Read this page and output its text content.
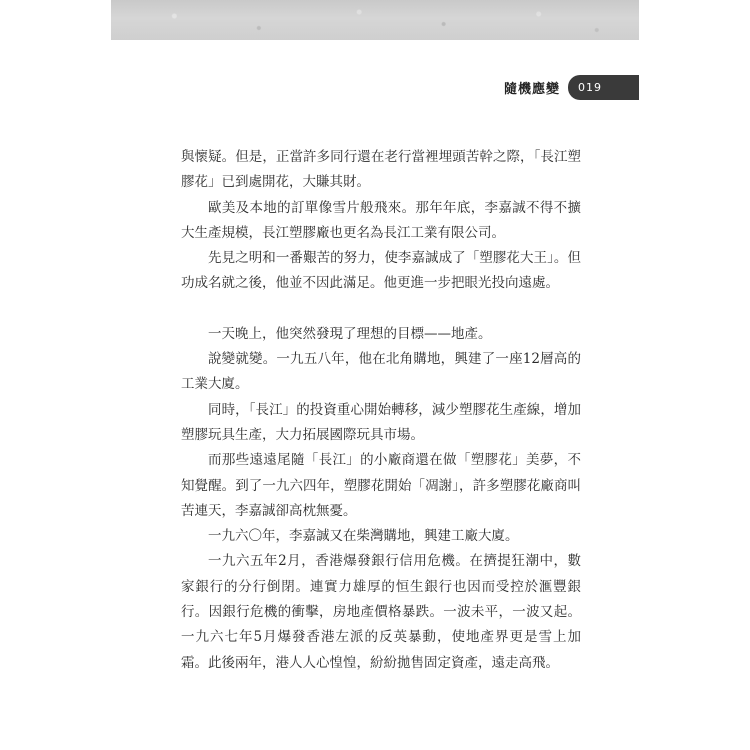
隨機應變 019

與懷疑。但是，正當許多同行還在老行當裡埋頭苦幹之際，「長江塑膠花」已到處開花，大賺其財。

歐美及本地的訂單像雪片般飛來。那年年底，李嘉誠不得不擴大生產規模，長江塑膠廠也更名為長江工業有限公司。

先見之明和一番艱苦的努力，使李嘉誠成了「塑膠花大王」。但功成名就之後，他並不因此滿足。他更進一步把眼光投向遠處。

一天晚上，他突然發現了理想的目標——地產。

說變就變。一九五八年，他在北角購地，興建了一座12層高的工業大廈。

同時，「長江」的投資重心開始轉移，減少塑膠花生產線，增加塑膠玩具生產，大力拓展國際玩具市場。

而那些遠遠尾隨「長江」的小廠商還在做「塑膠花」美夢，不知覺醒。到了一九六四年，塑膠花開始「凋謝」，許多塑膠花廠商叫苦連天，李嘉誠卻高枕無憂。

一九六〇年，李嘉誠又在柴灣購地，興建工廠大廈。

一九六五年2月，香港爆發銀行信用危機。在擠提狂潮中，數家銀行的分行倒閉。連實力雄厚的恒生銀行也因而受控於滙豐銀行。因銀行危機的衝擊，房地產價格暴跌。一波未平，一波又起。一九六七年5月爆發香港左派的反英暴動，使地產界更是雪上加霜。此後兩年，港人人心惶惶，紛紛拋售固定資產，遠走高飛。
